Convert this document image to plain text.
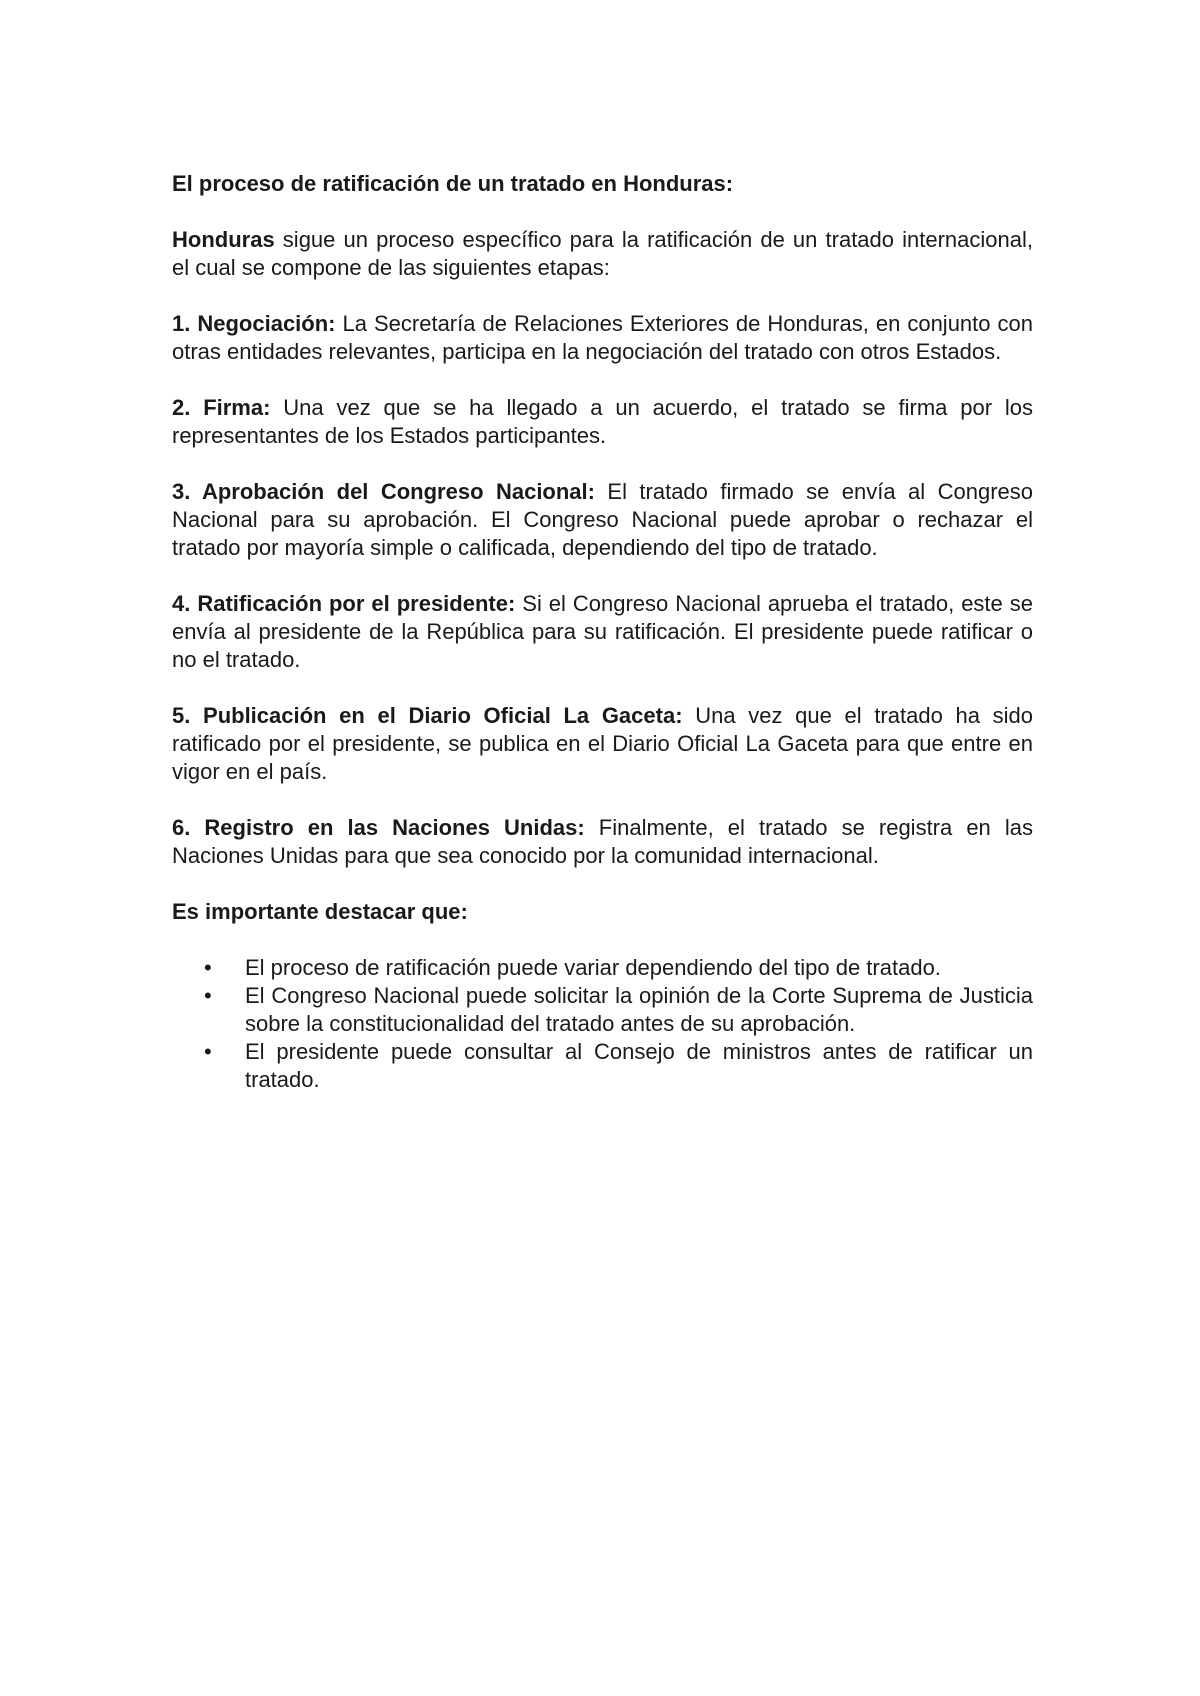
El proceso de ratificación de un tratado en Honduras:

Honduras sigue un proceso específico para la ratificación de un tratado internacional, el cual se compone de las siguientes etapas:

1. Negociación: La Secretaría de Relaciones Exteriores de Honduras, en conjunto con otras entidades relevantes, participa en la negociación del tratado con otros Estados.

2. Firma: Una vez que se ha llegado a un acuerdo, el tratado se firma por los representantes de los Estados participantes.

3. Aprobación del Congreso Nacional: El tratado firmado se envía al Congreso Nacional para su aprobación. El Congreso Nacional puede aprobar o rechazar el tratado por mayoría simple o calificada, dependiendo del tipo de tratado.

4. Ratificación por el presidente: Si el Congreso Nacional aprueba el tratado, este se envía al presidente de la República para su ratificación. El presidente puede ratificar o no el tratado.

5. Publicación en el Diario Oficial La Gaceta: Una vez que el tratado ha sido ratificado por el presidente, se publica en el Diario Oficial La Gaceta para que entre en vigor en el país.

6. Registro en las Naciones Unidas: Finalmente, el tratado se registra en las Naciones Unidas para que sea conocido por la comunidad internacional.

Es importante destacar que:

• El proceso de ratificación puede variar dependiendo del tipo de tratado.
• El Congreso Nacional puede solicitar la opinión de la Corte Suprema de Justicia sobre la constitucionalidad del tratado antes de su aprobación.
• El presidente puede consultar al Consejo de ministros antes de ratificar un tratado.
